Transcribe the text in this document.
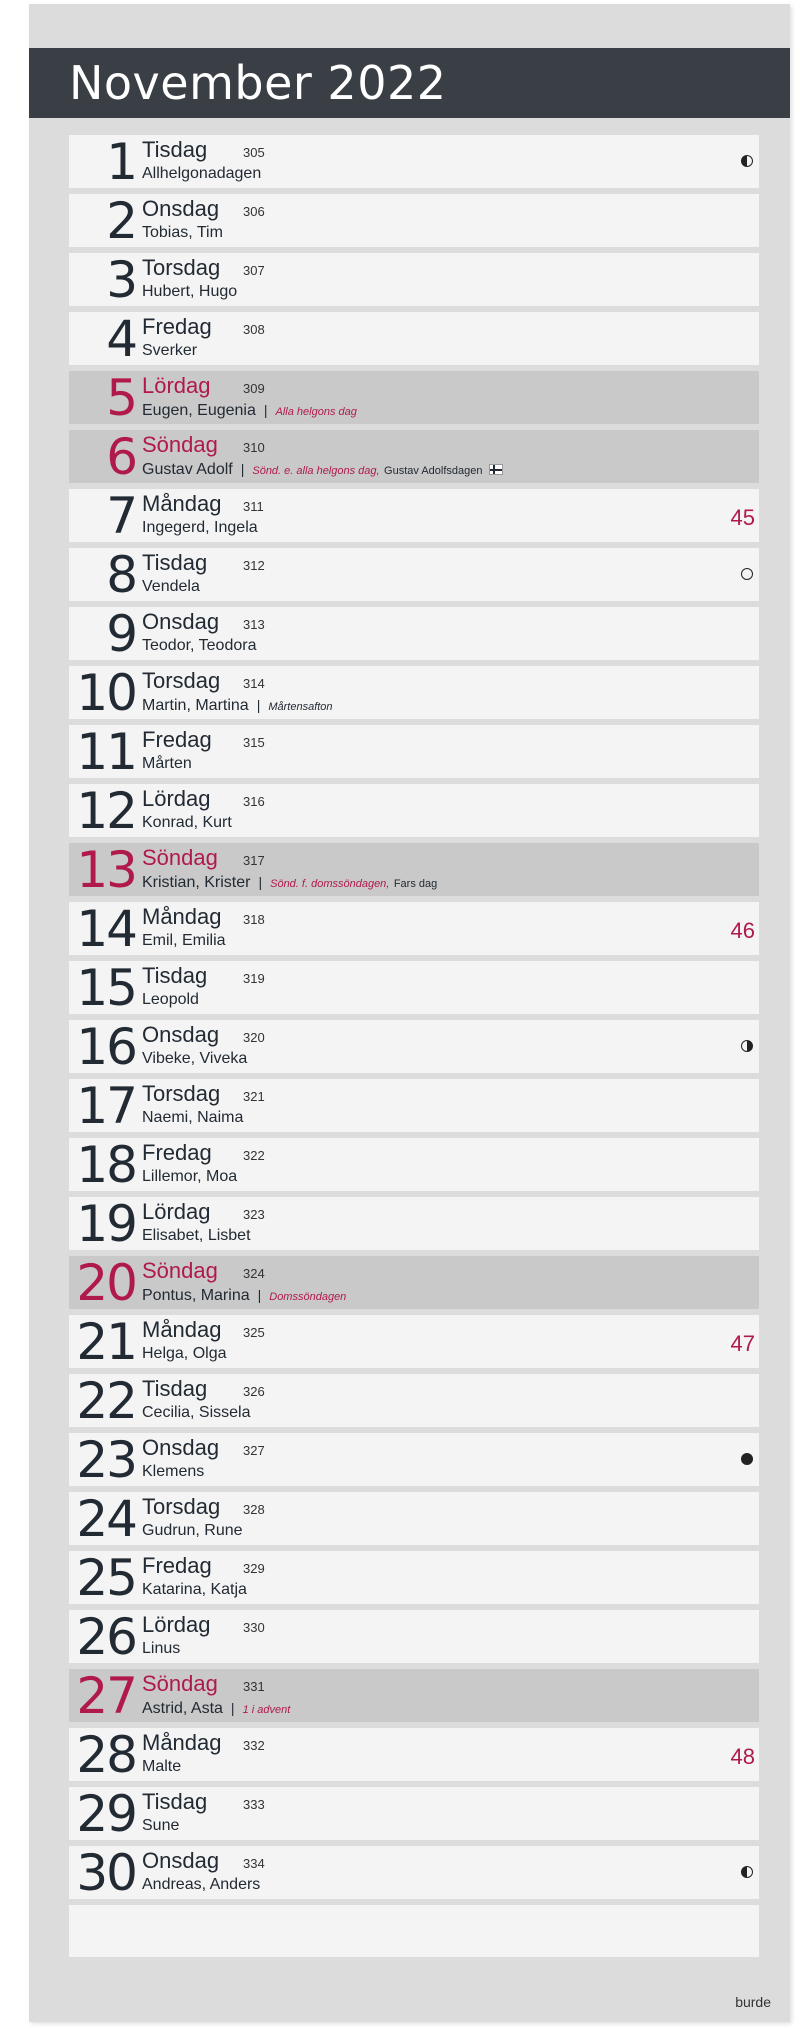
November 2022
1 Tisdag	305
Allhelgonadagen
2 Onsdag 306
Tobias, Tim
3 Torsdag 307
Hubert, Hugo
4 Fredag 308
Sverker
5 Lördag 309
Eugen, Eugenia | Alla helgons dag
6 Söndag 310
Gustav Adolf | Sönd. e. alla helgons dag, Gustav Adolfsdagen
7 Måndag 311
Ingegerd, Ingela	45
8 Tisdag	312
Vendela
9 Onsdag 313
Teodor, Teodora
10 Torsdag 314
Martin, Martina | Mårtensafton
11 Fredag 315
Mårten
12 Lördag 316
Konrad, Kurt
13 Söndag 317
Kristian, Krister | Sönd. f. domssöndagen, Fars dag
14 Måndag 318
Emil, Emilia	46
15 Tisdag	319
Leopold
16 Onsdag 320
Vibeke, Viveka
17 Torsdag 321
Naemi, Naima
18 Fredag 322
Lillemor, Moa
19 Lördag 323
Elisabet, Lisbet
20 Söndag 324
Pontus, Marina | Domssöndagen
21 Måndag 325
Helga, Olga	47
22 Tisdag	326
Cecilia, Sissela
23 Onsdag 327
Klemens
24 Torsdag 328
Gudrun, Rune
25 Fredag 329
Katarina, Katja
26 Lördag 330
Linus
27 Söndag 331
Astrid, Asta | 1 i advent
28 Måndag 332
Malte	48
29 Tisdag	333
Sune
30 Onsdag 334
Andreas, Anders
burde
